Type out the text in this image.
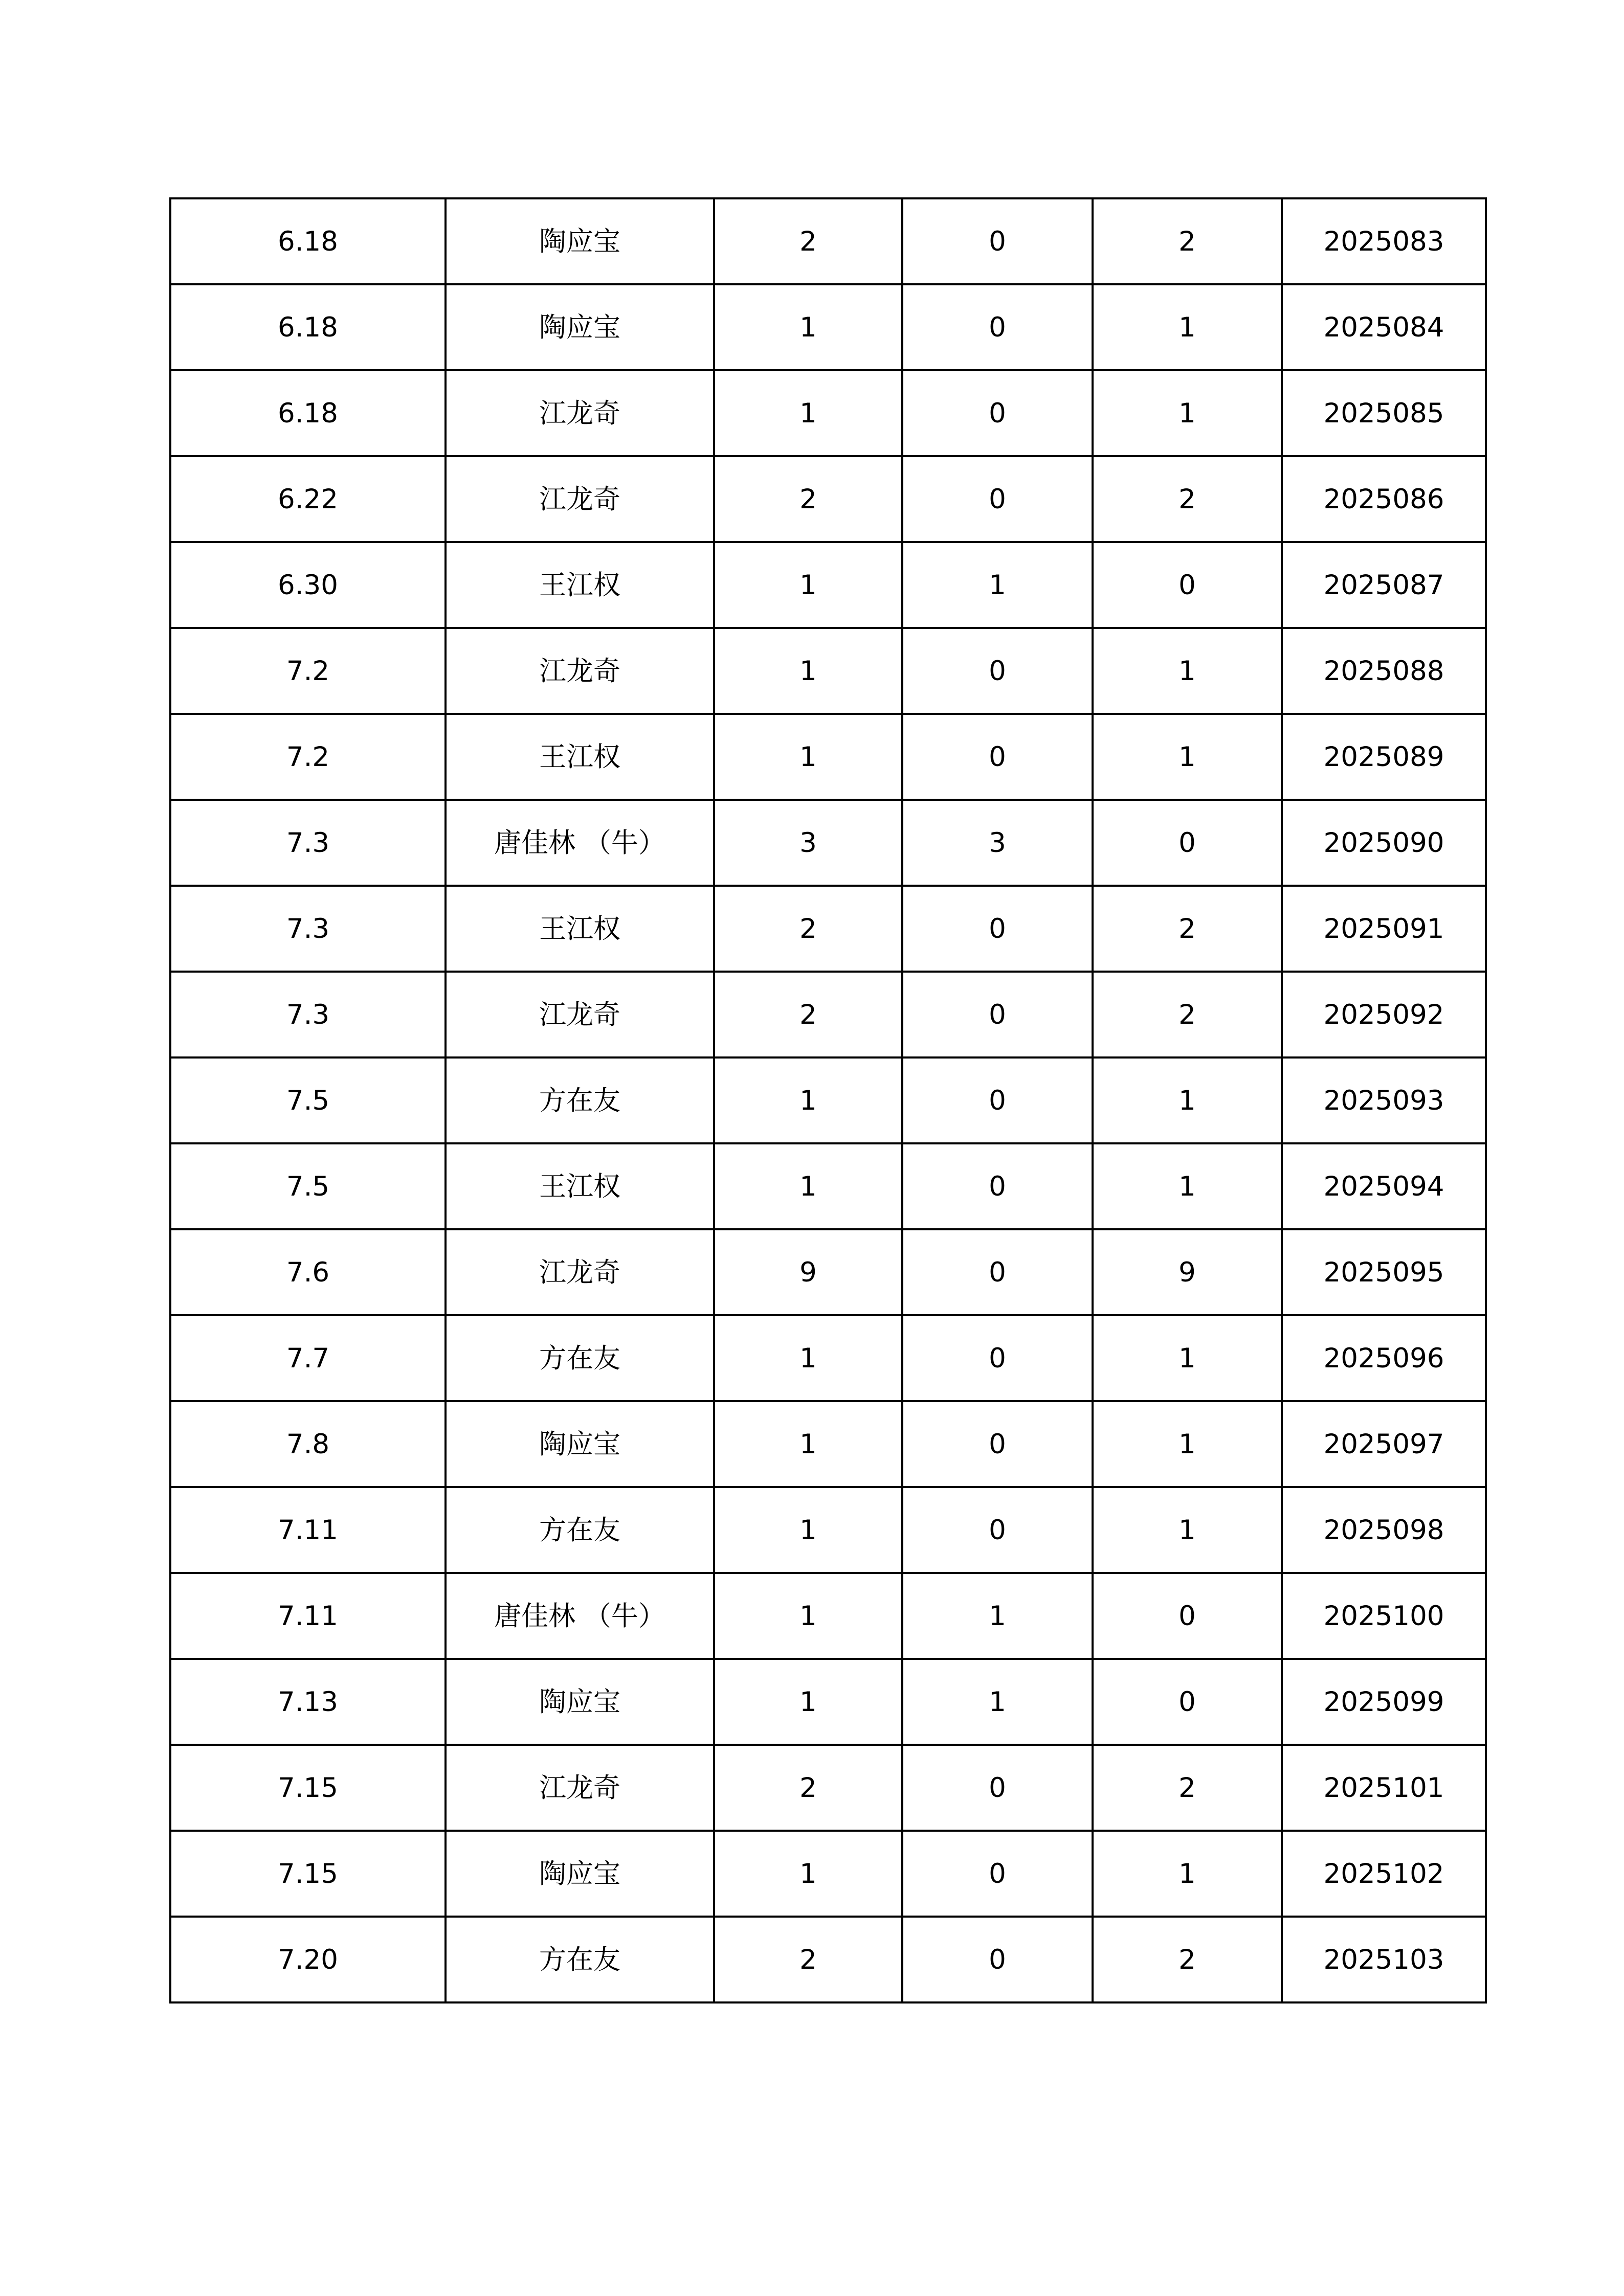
6.18	陶应宝	2	0	2	2025083
6.18	陶应宝	1	0	1	2025084
6.18	江龙奇	1	0	1	2025085
6.22	江龙奇	2	0	2	2025086
6.30	王江权	1	1	0	2025087
7.2	江龙奇	1	0	1	2025088
7.2	王江权	1	0	1	2025089
7.3	唐佳林 （牛）	3	3	0	2025090
7.3	王江权	2	0	2	2025091
7.3	江龙奇	2	0	2	2025092
7.5	方在友	1	0	1	2025093
7.5	王江权	1	0	1	2025094
7.6	江龙奇	9	0	9	2025095
7.7	方在友	1	0	1	2025096
7.8	陶应宝	1	0	1	2025097
7.11	方在友	1	0	1	2025098
7.11	唐佳林 （牛）	1	1	0	2025100
7.13	陶应宝	1	1	0	2025099
7.15	江龙奇	2	0	2	2025101
7.15	陶应宝	1	0	1	2025102
7.20	方在友	2	0	2	2025103
